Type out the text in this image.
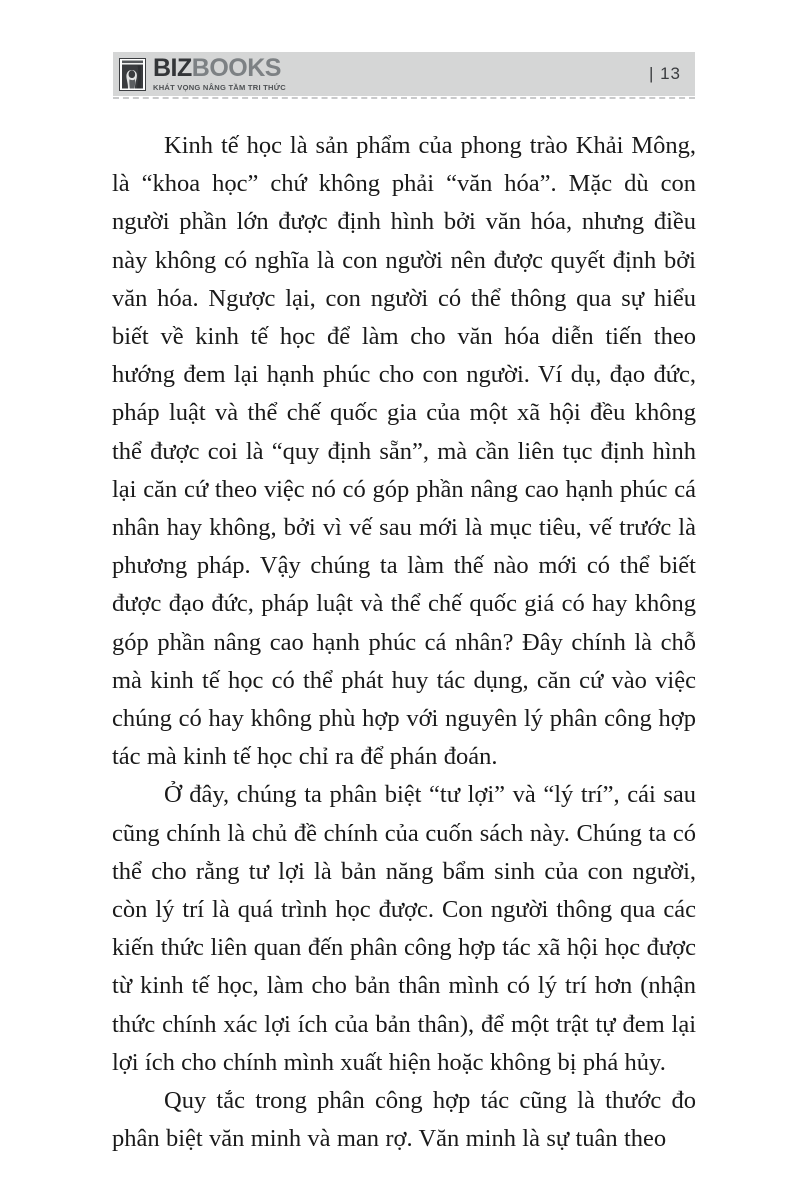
BIZBOOKS
KHÁT VỌNG NÂNG TẦM TRI THỨC
| 13

Kinh tế học là sản phẩm của phong trào Khải Mông, là “khoa học” chứ không phải “văn hóa”. Mặc dù con người phần lớn được định hình bởi văn hóa, nhưng điều này không có nghĩa là con người nên được quyết định bởi văn hóa. Ngược lại, con người có thể thông qua sự hiểu biết về kinh tế học để làm cho văn hóa diễn tiến theo hướng đem lại hạnh phúc cho con người. Ví dụ, đạo đức, pháp luật và thể chế quốc gia của một xã hội đều không thể được coi là “quy định sẵn”, mà cần liên tục định hình lại căn cứ theo việc nó có góp phần nâng cao hạnh phúc cá nhân hay không, bởi vì vế sau mới là mục tiêu, vế trước là phương pháp. Vậy chúng ta làm thế nào mới có thể biết được đạo đức, pháp luật và thể chế quốc giá có hay không góp phần nâng cao hạnh phúc cá nhân? Đây chính là chỗ mà kinh tế học có thể phát huy tác dụng, căn cứ vào việc chúng có hay không phù hợp với nguyên lý phân công hợp tác mà kinh tế học chỉ ra để phán đoán.

Ở đây, chúng ta phân biệt “tư lợi” và “lý trí”, cái sau cũng chính là chủ đề chính của cuốn sách này. Chúng ta có thể cho rằng tư lợi là bản năng bẩm sinh của con người, còn lý trí là quá trình học được. Con người thông qua các kiến thức liên quan đến phân công hợp tác xã hội học được từ kinh tế học, làm cho bản thân mình có lý trí hơn (nhận thức chính xác lợi ích của bản thân), để một trật tự đem lại lợi ích cho chính mình xuất hiện hoặc không bị phá hủy.

Quy tắc trong phân công hợp tác cũng là thước đo phân biệt văn minh và man rợ. Văn minh là sự tuân theo
